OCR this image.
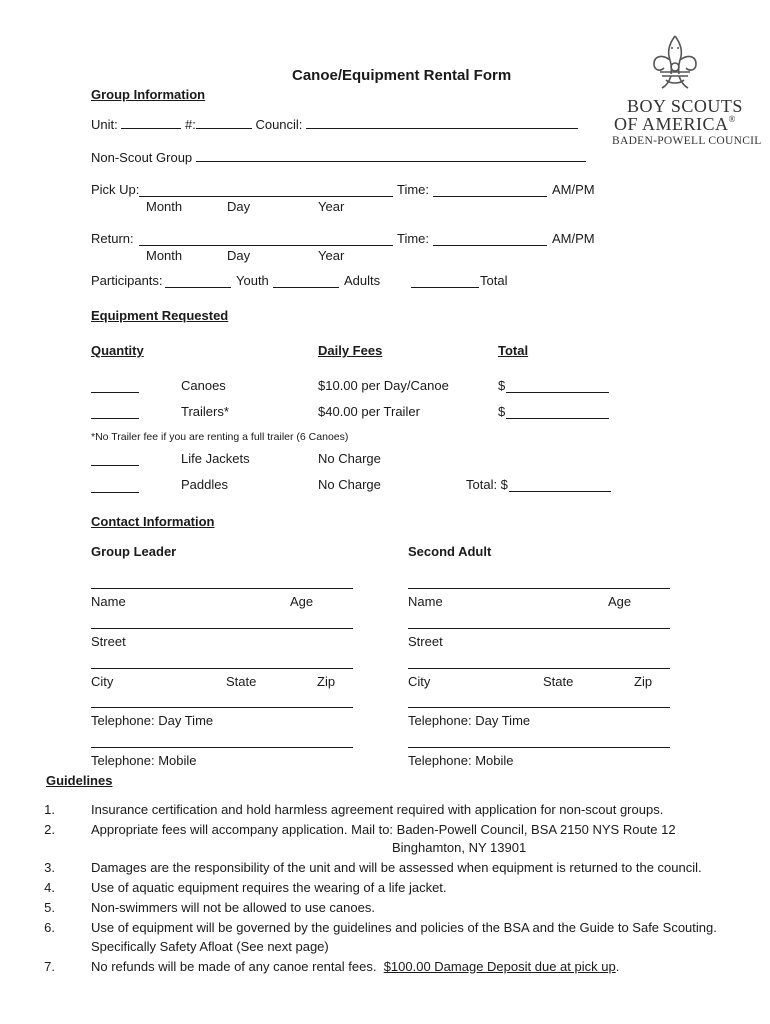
BOY SCOUTS
OF AMERICA®
BADEN-POWELL COUNCIL
Canoe/Equipment Rental Form
Group Information
Unit:	#:	Council:
Non-Scout Group
Pick Up:	Time:	AM/PM
Month	Day	Year
Return:	Time:	AM/PM
Month	Day	Year
Participants:	Youth	Adults	Total
Equipment Requested
Quantity	Daily Fees	Total
Canoes	$10.00 per Day/Canoe	$
Trailers*	$40.00 per Trailer	$
*No Trailer fee if you are renting a full trailer (6 Canoes)
Life Jackets	No Charge
Paddles	No Charge	Total: $
Contact Information
Group Leader	Second Adult
Name	Age
Street
City	State	Zip
Telephone: Day Time
Telephone: Mobile
Name	Age
Street
City	State	Zip
Telephone: Day Time
Telephone: Mobile
Guidelines
1.	Insurance certification and hold harmless agreement required with application for non-scout groups.
2.	Appropriate fees will accompany application. Mail to: Baden-Powell Council, BSA 2150 NYS Route 12
Binghamton, NY 13901
3.	Damages are the responsibility of the unit and will be assessed when equipment is returned to the council.
4.	Use of aquatic equipment requires the wearing of a life jacket.
5.	Non-swimmers will not be allowed to use canoes.
6.	Use of equipment will be governed by the guidelines and policies of the BSA and the Guide to Safe Scouting.
Specifically Safety Afloat (See next page)
7.	No refunds will be made of any canoe rental fees. $100.00 Damage Deposit due at pick up.
